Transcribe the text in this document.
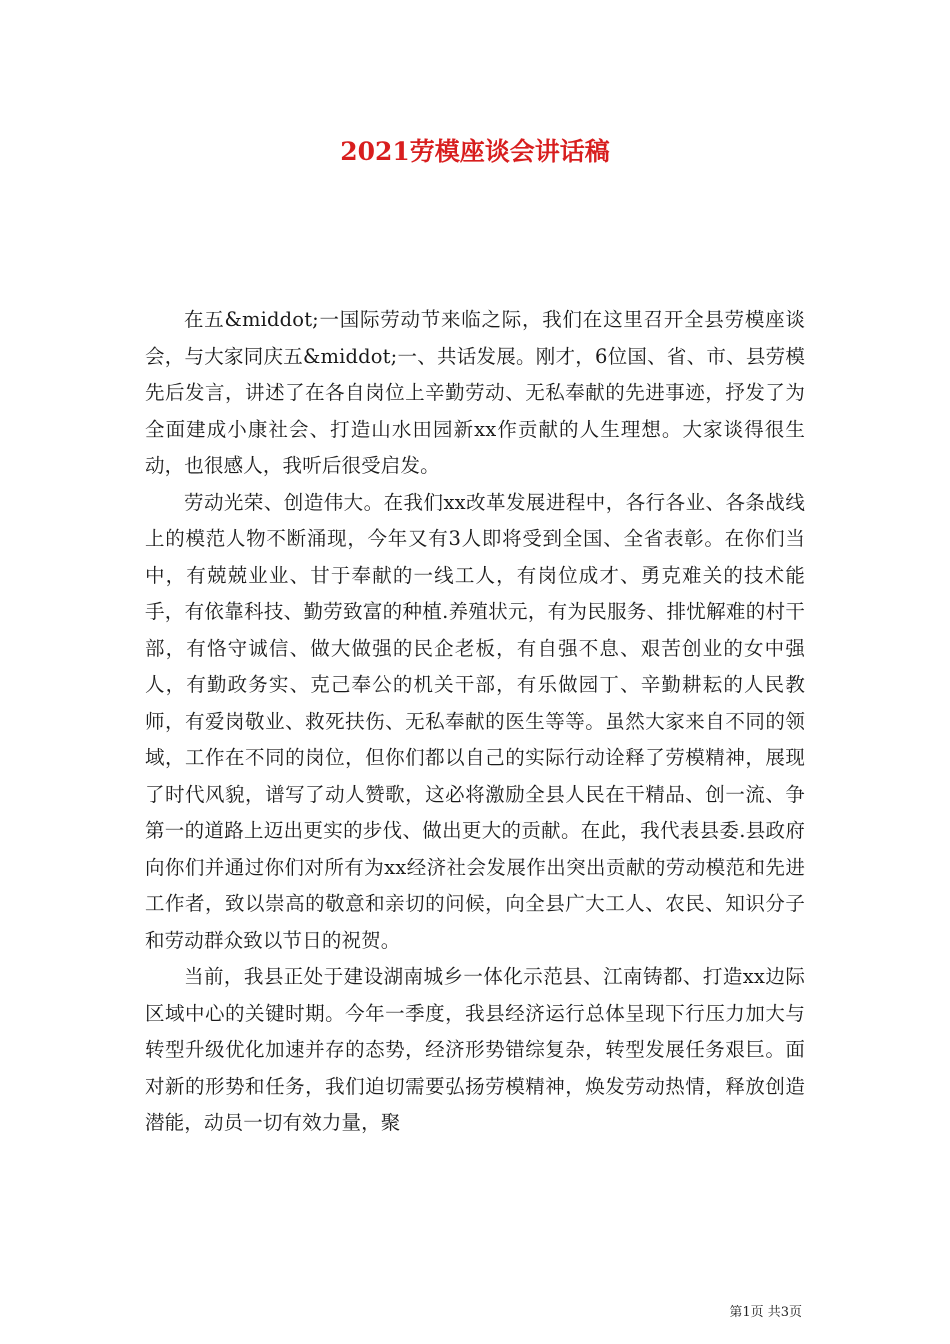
2021劳模座谈会讲话稿

在五&middot;一国际劳动节来临之际，我们在这里召开全县劳模座谈会，与大家同庆五&middot;一、共话发展。刚才，6位国、省、市、县劳模先后发言，讲述了在各自岗位上辛勤劳动、无私奉献的先进事迹，抒发了为全面建成小康社会、打造山水田园新xx作贡献的人生理想。大家谈得很生动，也很感人，我听后很受启发。

劳动光荣、创造伟大。在我们xx改革发展进程中，各行各业、各条战线上的模范人物不断涌现，今年又有3人即将受到全国、全省表彰。在你们当中，有兢兢业业、甘于奉献的一线工人，有岗位成才、勇克难关的技术能手，有依靠科技、勤劳致富的种植.养殖状元，有为民服务、排忧解难的村干部，有恪守诚信、做大做强的民企老板，有自强不息、艰苦创业的女中强人，有勤政务实、克己奉公的机关干部，有乐做园丁、辛勤耕耘的人民教师，有爱岗敬业、救死扶伤、无私奉献的医生等等。虽然大家来自不同的领域，工作在不同的岗位，但你们都以自己的实际行动诠释了劳模精神，展现了时代风貌，谱写了动人赞歌，这必将激励全县人民在干精品、创一流、争第一的道路上迈出更实的步伐、做出更大的贡献。在此，我代表县委.县政府向你们并通过你们对所有为xx经济社会发展作出突出贡献的劳动模范和先进工作者，致以崇高的敬意和亲切的问候，向全县广大工人、农民、知识分子和劳动群众致以节日的祝贺。

当前，我县正处于建设湖南城乡一体化示范县、江南铸都、打造xx边际区域中心的关键时期。今年一季度，我县经济运行总体呈现下行压力加大与转型升级优化加速并存的态势，经济形势错综复杂，转型发展任务艰巨。面对新的形势和任务，我们迫切需要弘扬劳模精神，焕发劳动热情，释放创造潜能，动员一切有效力量，聚

第1页 共3页
